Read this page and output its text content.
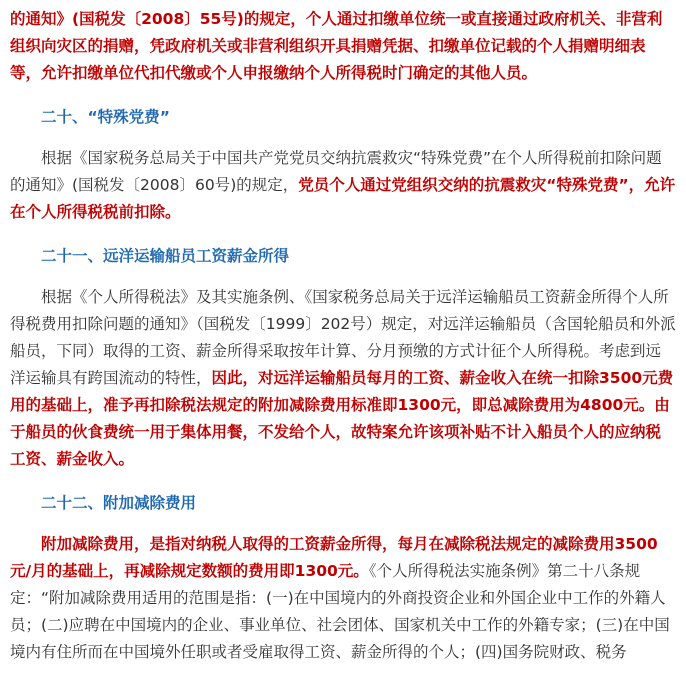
的通知》(国税发〔2008〕55号)的规定，个人通过扣缴单位统一或直接通过政府机关、非营利组织向灾区的捐赠，凭政府机关或非营利组织开具捐赠凭据、扣缴单位记载的个人捐赠明细表等，允许扣缴单位代扣代缴或个人申报缴纳个人所得税时门确定的其他人员。

二十、“特殊党费”

根据《国家税务总局关于中国共产党党员交纳抗震救灾“特殊党费”在个人所得税前扣除问题的通知》(国税发〔2008〕60号)的规定，党员个人通过党组织交纳的抗震救灾“特殊党费”，允许在个人所得税税前扣除。

二十一、远洋运输船员工资薪金所得

根据《个人所得税法》及其实施条例、《国家税务总局关于远洋运输船员工资薪金所得个人所得税费用扣除问题的通知》（国税发〔1999〕202号）规定，对远洋运输船员（含国轮船员和外派船员，下同）取得的工资、薪金所得采取按年计算、分月预缴的方式计征个人所得税。考虑到远洋运输具有跨国流动的特性，因此，对远洋运输船员每月的工资、薪金收入在统一扣除3500元费用的基础上，准予再扣除税法规定的附加减除费用标准即1300元，即总减除费用为4800元。由于船员的伙食费统一用于集体用餐，不发给个人，故特案允许该项补贴不计入船员个人的应纳税工资、薪金收入。

二十二、附加减除费用

附加减除费用，是指对纳税人取得的工资薪金所得，每月在减除税法规定的减除费用3500元/月的基础上，再减除规定数额的费用即1300元。《个人所得税法实施条例》第二十八条规定：“附加减除费用适用的范围是指：(一)在中国境内的外商投资企业和外国企业中工作的外籍人员；(二)应聘在中国境内的企业、事业单位、社会团体、国家机关中工作的外籍专家；(三)在中国境内有住所而在中国境外任职或者受雇取得工资、薪金所得的个人；(四)国务院财政、税务
